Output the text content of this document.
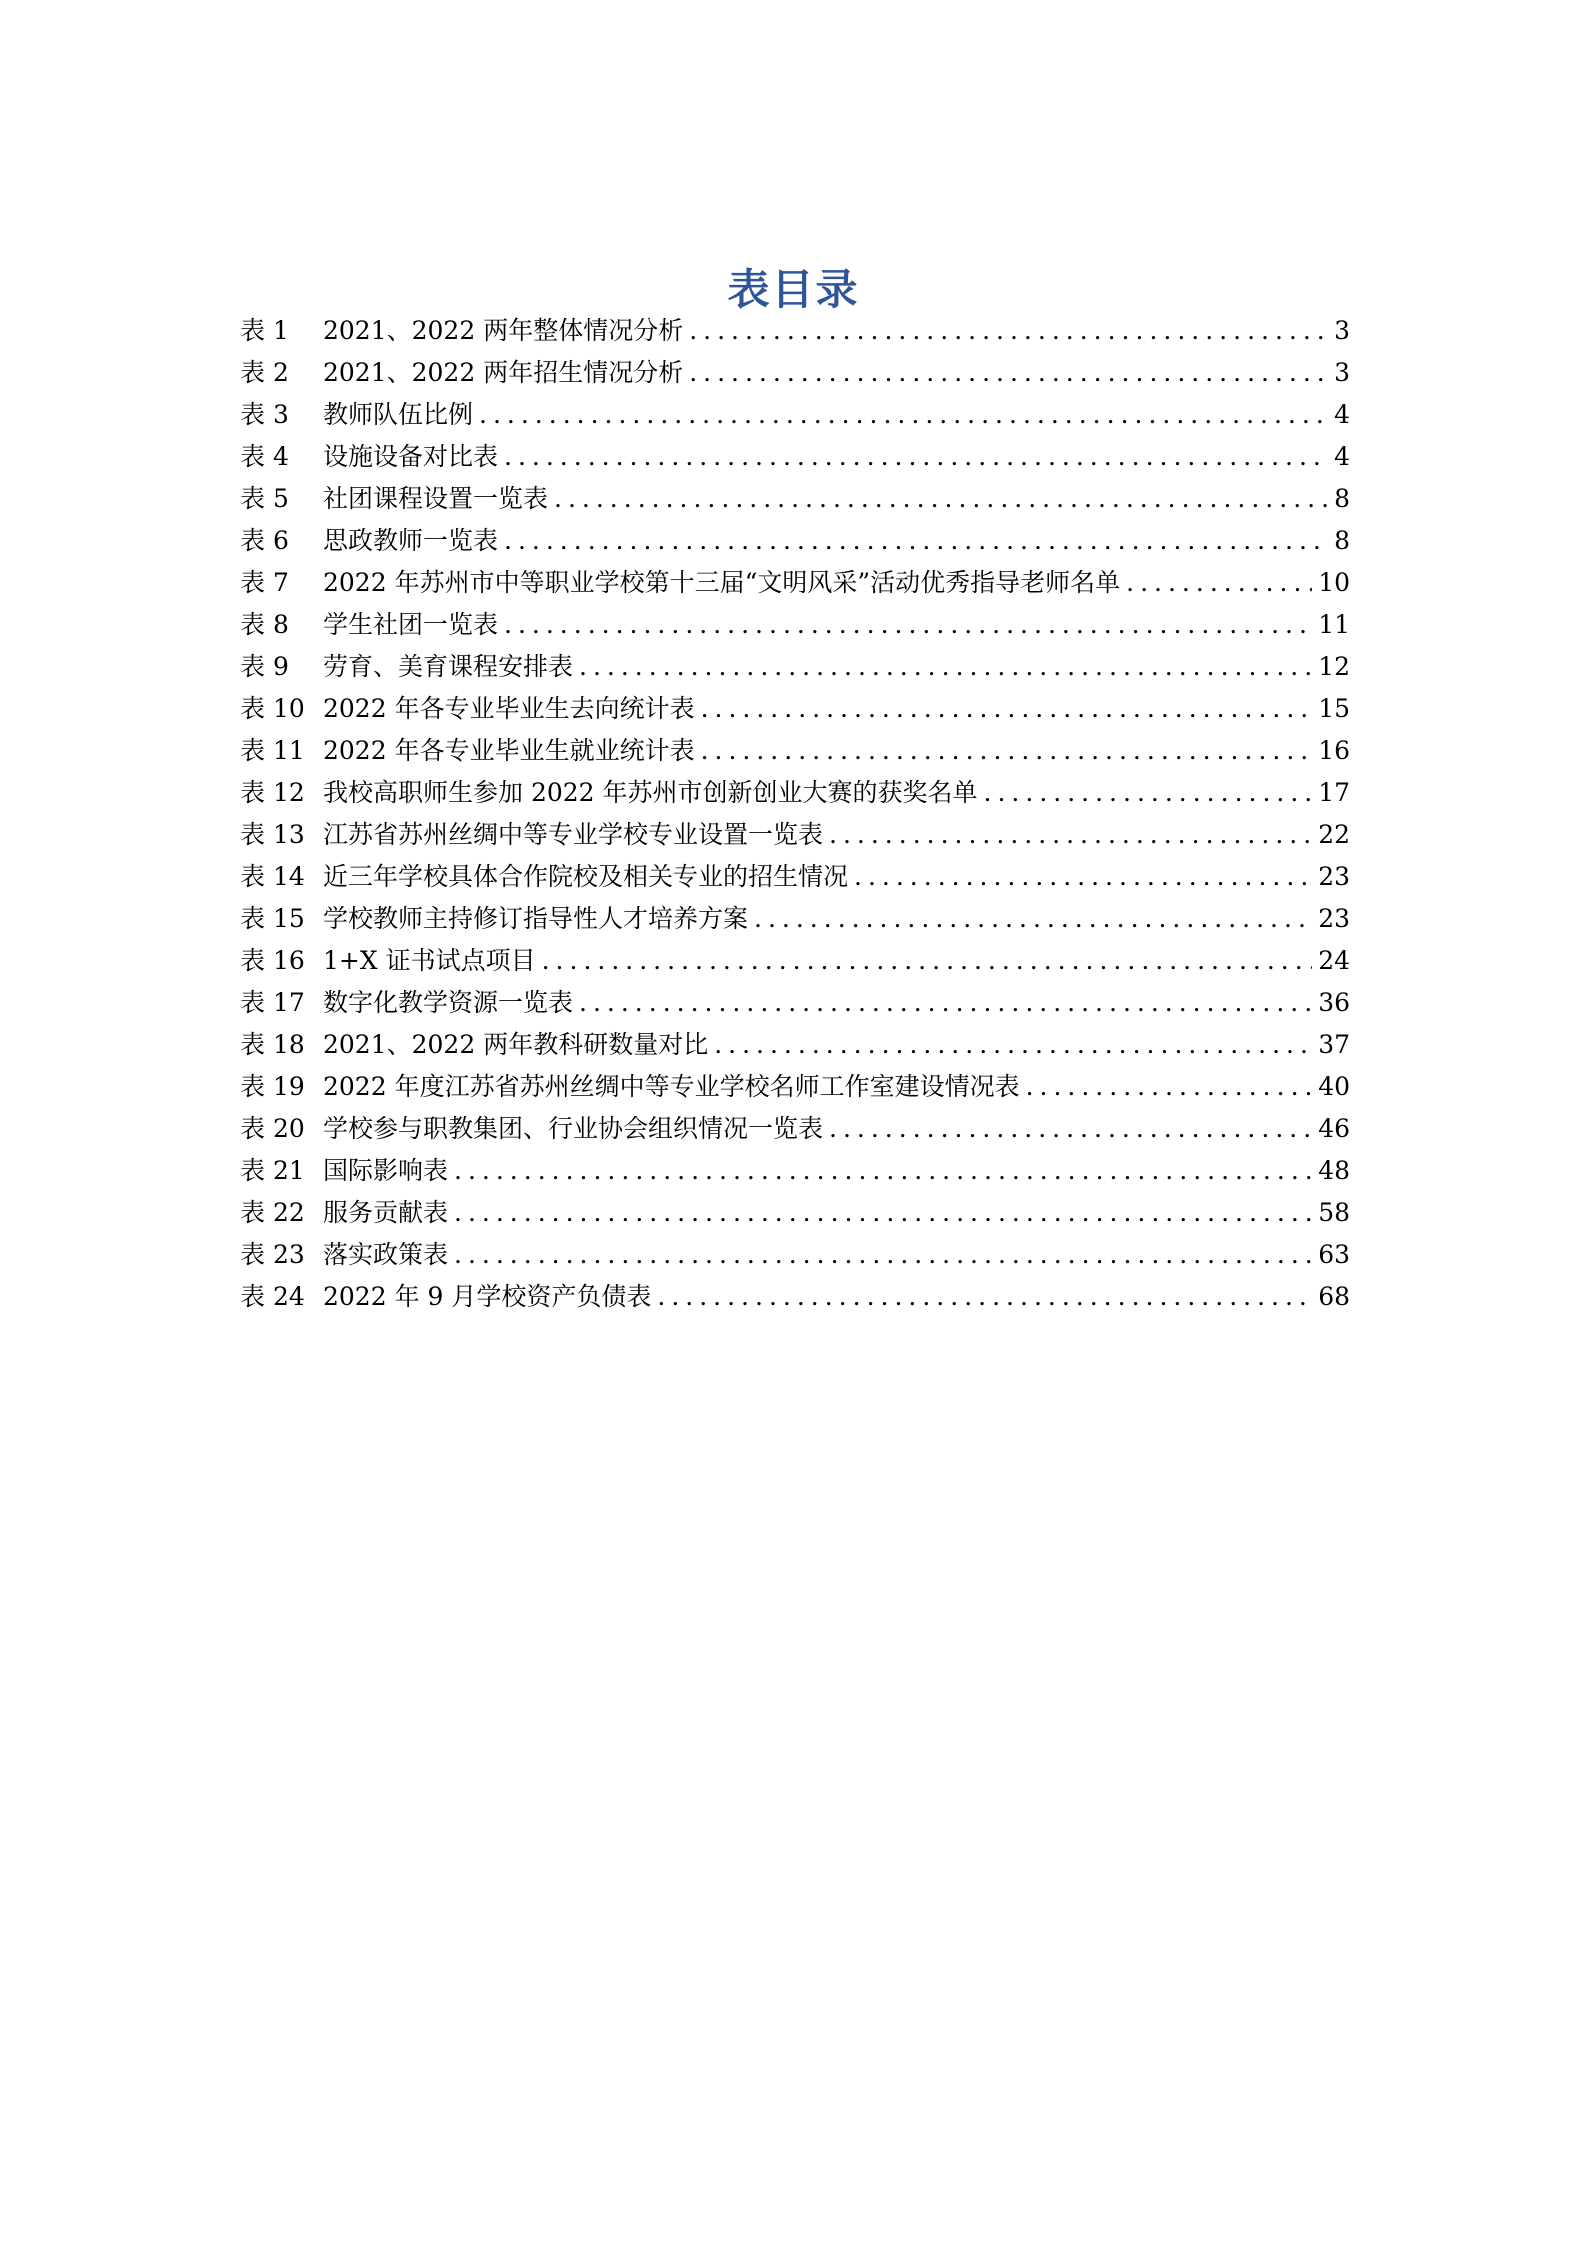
表目录
表 1	2021、2022 两年整体情况分析 .....	3
表 2	2021、2022 两年招生情况分析 .....	3
表 3	教师队伍比例 .....	4
表 4	设施设备对比表 .....	4
表 5	社团课程设置一览表 .....	8
表 6	思政教师一览表 .....	8
表 7	2022 年苏州市中等职业学校第十三届“文明风采”活动优秀指导老师名单 .....	10
表 8	学生社团一览表 .....	11
表 9	劳育、美育课程安排表 .....	12
表 10 2022 年各专业毕业生去向统计表 .....	15
表 11 2022 年各专业毕业生就业统计表 .....	16
表 12 我校高职师生参加 2022 年苏州市创新创业大赛的获奖名单 .....	17
表 13 江苏省苏州丝绸中等专业学校专业设置一览表 .....	22
表 14 近三年学校具体合作院校及相关专业的招生情况 .....	23
表 15 学校教师主持修订指导性人才培养方案 .....	23
表 16 1+X 证书试点项目 .....	24
表 17 数字化教学资源一览表 .....	36
表 18 2021、2022 两年教科研数量对比 .....	37
表 19 2022 年度江苏省苏州丝绸中等专业学校名师工作室建设情况表 .....	40
表 20 学校参与职教集团、行业协会组织情况一览表 .....	46
表 21 国际影响表 .....	48
表 22 服务贡献表 .....	58
表 23 落实政策表 .....	63
表 24 2022 年 9 月学校资产负债表 .....	68
